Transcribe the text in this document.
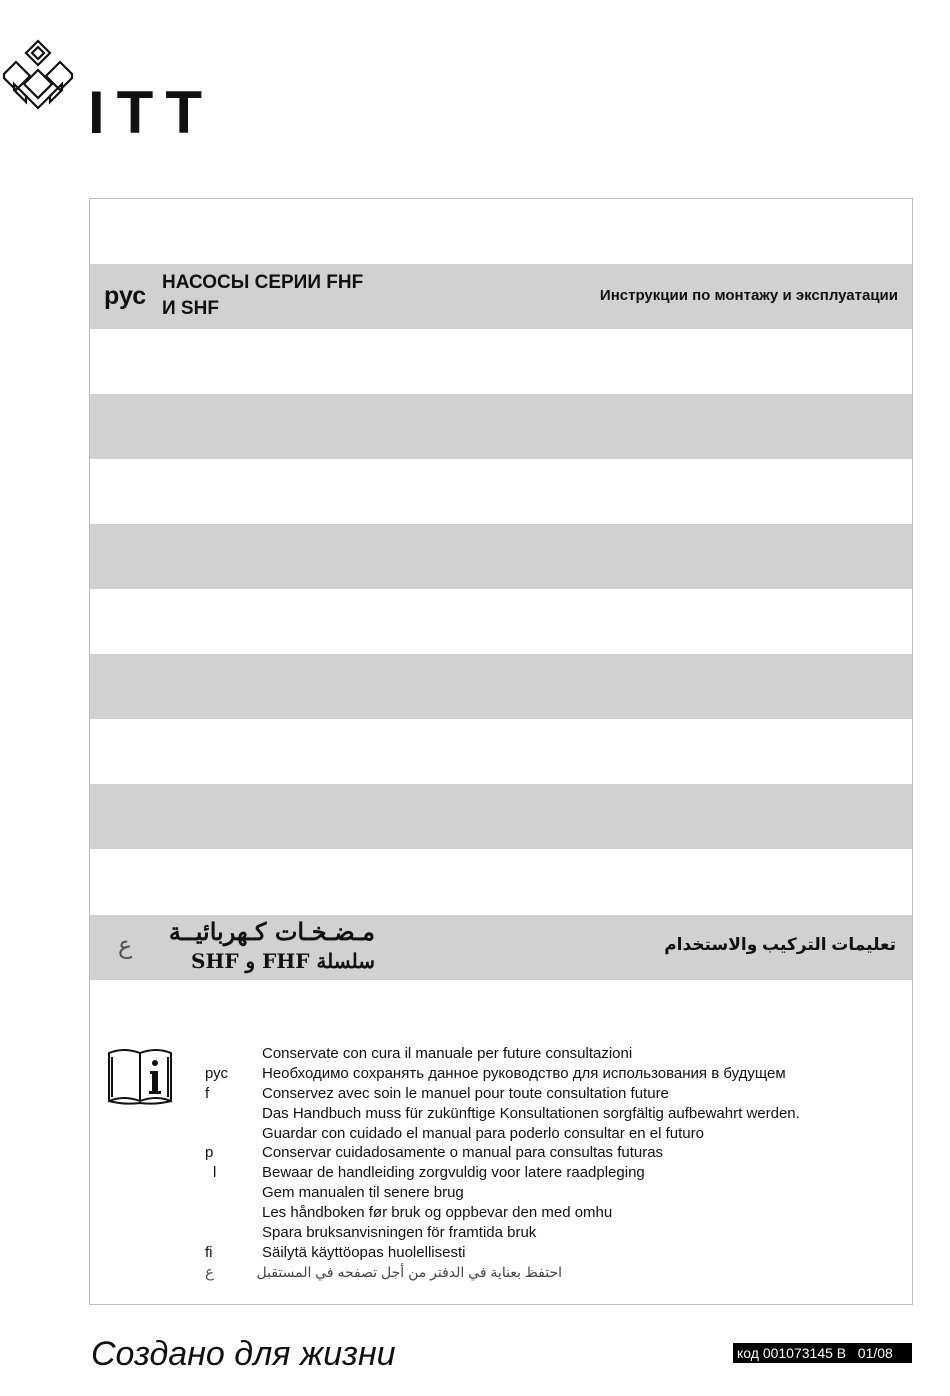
ITT
рус НАСОСЫ СЕРИИ FHF
И SHF
Инструкции по монтажу и эксплуатации
ع	مـضـخـات كـهربائيــة
سلسلة FHF و SHF
تعليمات التركيب والاستخدام
рус
f
p
l
fi
ع
Conservate con cura il manuale per future consultazioni
Необходимо сохранять данное руководство для использования в будущем
Conservez avec soin le manuel pour toute consultation future
Das Handbuch muss für zukünftige Konsultationen sorgfältig aufbewahrt werden.
Guardar con cuidado el manual para poderlo consultar en el futuro
Conservar cuidadosamente o manual para consultas futuras
Bewaar de handleiding zorgvuldig voor latere raadpleging
Gem manualen til senere brug
Les håndboken før bruk og oppbevar den med omhu
Spara bruksanvisningen för framtida bruk
Säilytä käyttöopas huolellisesti
احتفظ بعناية في الدفتر من أجل تصفحه في المستقبل
Создано для жизни	код 001073145 B   01/08
